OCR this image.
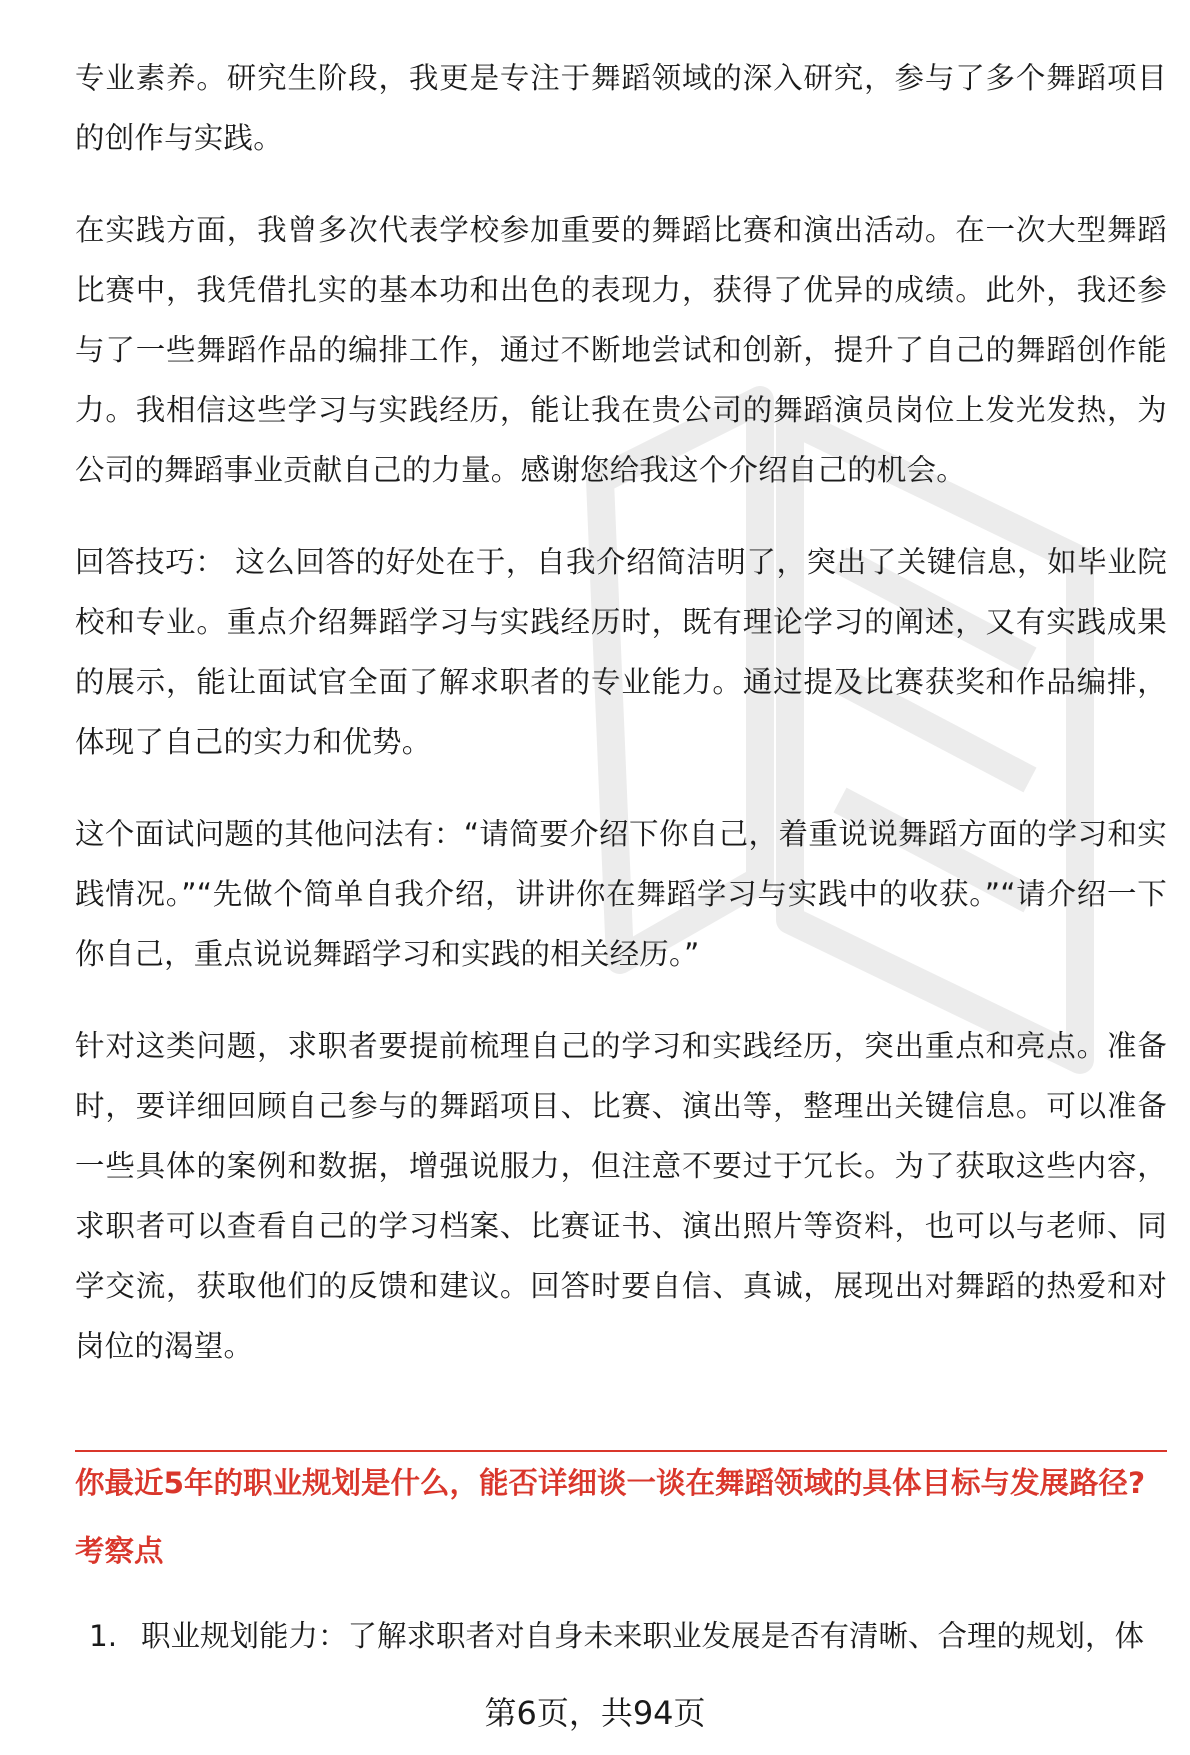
专业素养。研究生阶段，我更是专注于舞蹈领域的深入研究，参与了多个舞蹈项目的创作与实践。

在实践方面，我曾多次代表学校参加重要的舞蹈比赛和演出活动。在一次大型舞蹈比赛中，我凭借扎实的基本功和出色的表现力，获得了优异的成绩。此外，我还参与了一些舞蹈作品的编排工作，通过不断地尝试和创新，提升了自己的舞蹈创作能力。我相信这些学习与实践经历，能让我在贵公司的舞蹈演员岗位上发光发热，为公司的舞蹈事业贡献自己的力量。感谢您给我这个介绍自己的机会。

回答技巧： 这么回答的好处在于，自我介绍简洁明了，突出了关键信息，如毕业院校和专业。重点介绍舞蹈学习与实践经历时，既有理论学习的阐述，又有实践成果的展示，能让面试官全面了解求职者的专业能力。通过提及比赛获奖和作品编排，体现了自己的实力和优势。

这个面试问题的其他问法有：“请简要介绍下你自己，着重说说舞蹈方面的学习和实践情况。”“先做个简单自我介绍，讲讲你在舞蹈学习与实践中的收获。”“请介绍一下你自己，重点说说舞蹈学习和实践的相关经历。”

针对这类问题，求职者要提前梳理自己的学习和实践经历，突出重点和亮点。准备时，要详细回顾自己参与的舞蹈项目、比赛、演出等，整理出关键信息。可以准备一些具体的案例和数据，增强说服力，但注意不要过于冗长。为了获取这些内容，求职者可以查看自己的学习档案、比赛证书、演出照片等资料，也可以与老师、同学交流，获取他们的反馈和建议。回答时要自信、真诚，展现出对舞蹈的热爱和对岗位的渴望。

你最近5年的职业规划是什么，能否详细谈一谈在舞蹈领域的具体目标与发展路径?
考察点
1. 职业规划能力：了解求职者对自身未来职业发展是否有清晰、合理的规划，体
第6页，共94页
